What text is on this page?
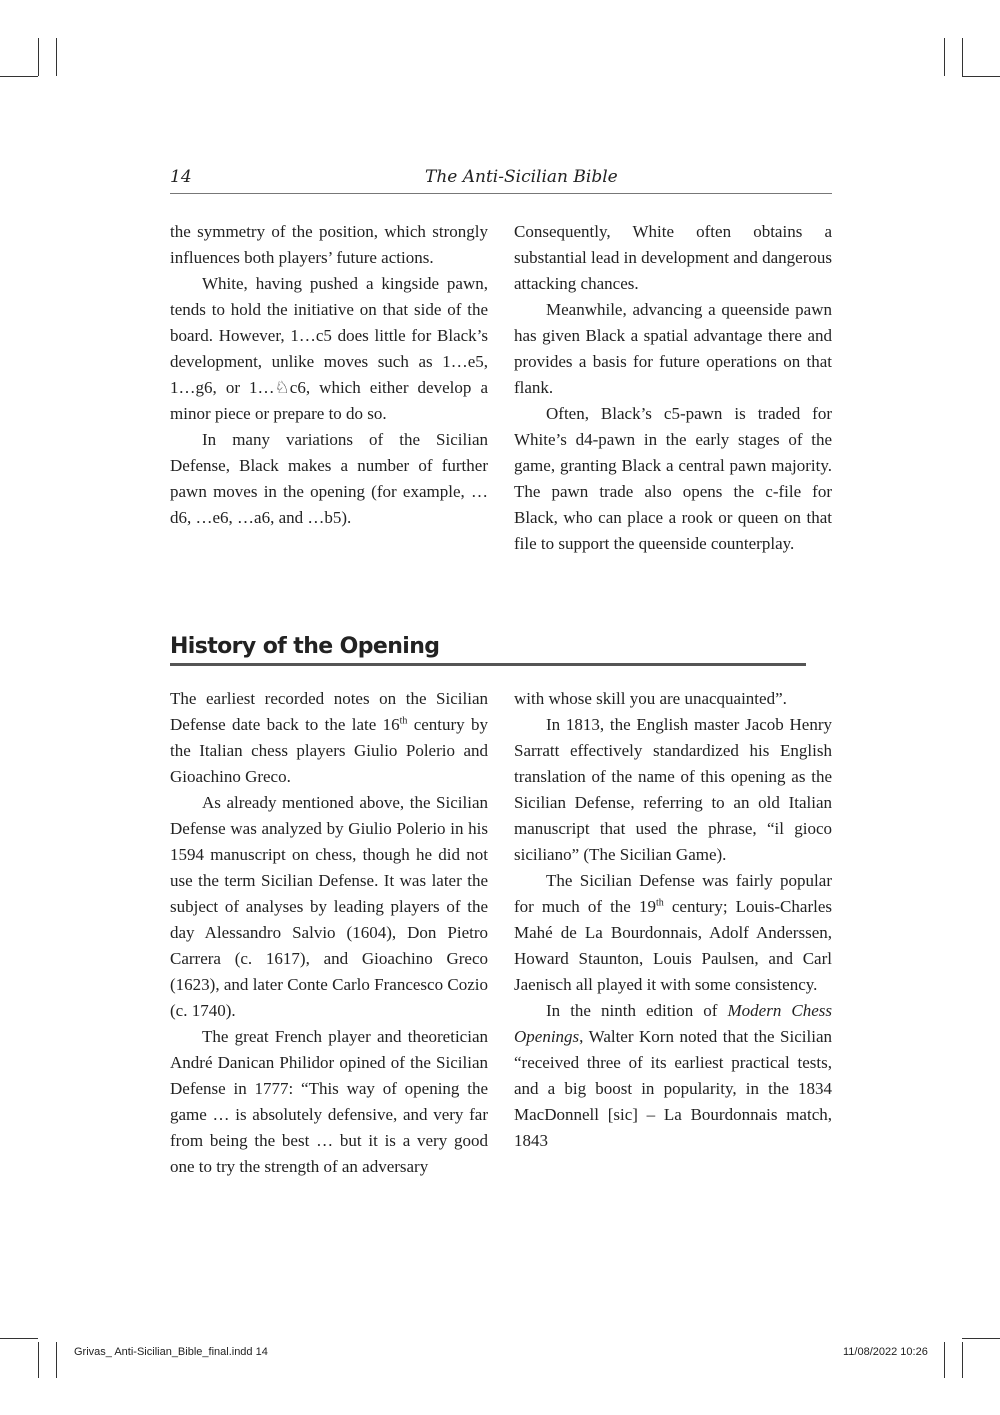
14	The Anti-Sicilian Bible

the symmetry of the position, which strongly influences both players’ future actions.

White, having pushed a kingside pawn, tends to hold the initiative on that side of the board. However, 1…c5 does little for Black’s development, unlike moves such as 1…e5, 1…g6, or 1…♘c6, which either develop a minor piece or prepare to do so.

In many variations of the Sicilian Defense, Black makes a number of further pawn moves in the opening (for example, …d6, …e6, …a6, and …b5).

Consequently, White often obtains a substantial lead in development and dangerous attacking chances.

Meanwhile, advancing a queenside pawn has given Black a spatial advantage there and provides a basis for future operations on that flank.

Often, Black’s c5-pawn is traded for White’s d4-pawn in the early stages of the game, granting Black a central pawn majority. The pawn trade also opens the c-file for Black, who can place a rook or queen on that file to support the queenside counterplay.

History of the Opening

The earliest recorded notes on the Sicilian Defense date back to the late 16th century by the Italian chess players Giulio Polerio and Gioachino Greco.

As already mentioned above, the Sicilian Defense was analyzed by Giulio Polerio in his 1594 manuscript on chess, though he did not use the term Sicilian Defense. It was later the subject of analyses by leading players of the day Alessandro Salvio (1604), Don Pietro Carrera (c. 1617), and Gioachino Greco (1623), and later Conte Carlo Francesco Cozio (c. 1740).

The great French player and theoretician André Danican Philidor opined of the Sicilian Defense in 1777: “This way of opening the game … is absolutely defensive, and very far from being the best … but it is a very good one to try the strength of an adversary

with whose skill you are unacquainted”.

In 1813, the English master Jacob Henry Sarratt effectively standardized his English translation of the name of this opening as the Sicilian Defense, referring to an old Italian manuscript that used the phrase, “il gioco siciliano” (The Sicilian Game).

The Sicilian Defense was fairly popular for much of the 19th century; Louis-Charles Mahé de La Bourdonnais, Adolf Anderssen, Howard Staunton, Louis Paulsen, and Carl Jaenisch all played it with some consistency.

In the ninth edition of Modern Chess Openings, Walter Korn noted that the Sicilian “received three of its earliest practical tests, and a big boost in popularity, in the 1834 MacDonnell [sic] – La Bourdonnais match, 1843

Grivas_ Anti-Sicilian_Bible_final.indd 14	11/08/2022 10:26
